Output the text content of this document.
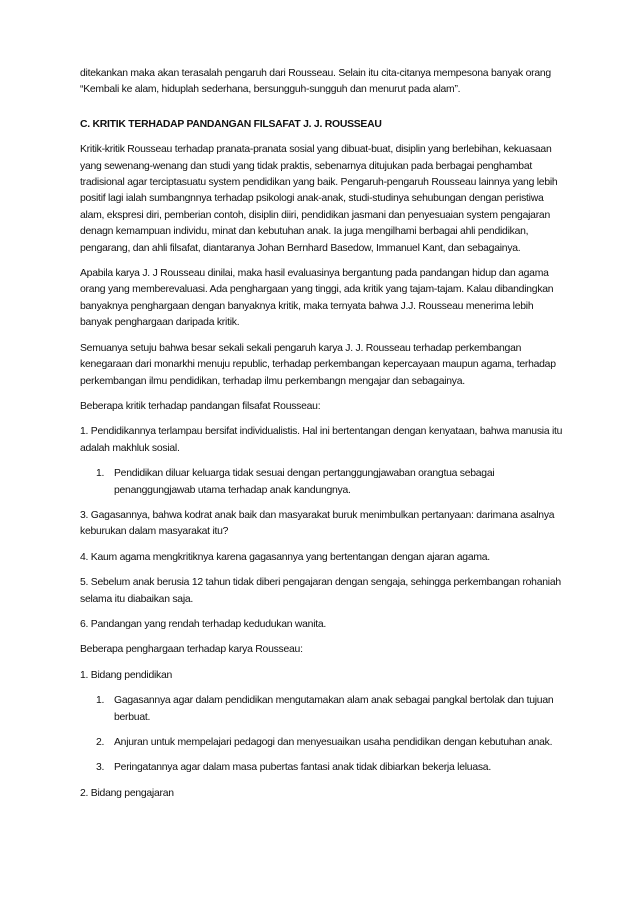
ditekankan maka akan terasalah pengaruh dari Rousseau. Selain itu cita-citanya mempesona banyak orang “Kembali ke alam, hiduplah sederhana, bersungguh-sungguh dan menurut pada alam”.

C. KRITIK TERHADAP PANDANGAN FILSAFAT J. J. ROUSSEAU

Kritik-kritik Rousseau terhadap pranata-pranata sosial yang dibuat-buat, disiplin yang berlebihan, kekuasaan yang sewenang-wenang dan studi yang tidak praktis, sebenarnya ditujukan pada berbagai penghambat tradisional agar terciptasuatu system pendidikan yang baik. Pengaruh-pengaruh Rousseau lainnya yang lebih positif lagi ialah sumbangnnya terhadap psikologi anak-anak, studi-studinya sehubungan dengan peristiwa alam, ekspresi diri, pemberian contoh, disiplin diiri, pendidikan jasmani dan penyesuaian system pengajaran denagn kemampuan individu, minat dan kebutuhan anak. Ia juga mengilhami berbagai ahli pendidikan, pengarang, dan ahli filsafat, diantaranya Johan Bernhard Basedow, Immanuel Kant, dan sebagainya.

Apabila karya J. J Rousseau dinilai, maka hasil evaluasinya bergantung pada pandangan hidup dan agama orang yang memberevaluasi. Ada penghargaan yang tinggi, ada kritik yang tajam-tajam. Kalau dibandingkan banyaknya penghargaan dengan banyaknya kritik, maka ternyata bahwa J.J. Rousseau menerima lebih banyak penghargaan daripada kritik.

Semuanya setuju bahwa besar sekali sekali pengaruh karya J. J. Rousseau terhadap perkembangan kenegaraan dari monarkhi menuju republic, terhadap perkembangan kepercayaan maupun agama, terhadap perkembangan ilmu pendidikan, terhadap ilmu perkembangn mengajar dan sebagainya.

Beberapa kritik terhadap pandangan filsafat Rousseau:

1. Pendidikannya terlampau bersifat individualistis. Hal ini bertentangan dengan kenyataan, bahwa manusia itu adalah makhluk sosial.

1. Pendidikan diluar keluarga tidak sesuai dengan pertanggungjawaban orangtua sebagai penanggungjawab utama terhadap anak kandungnya.

3. Gagasannya, bahwa kodrat anak baik dan masyarakat buruk menimbulkan pertanyaan: darimana asalnya keburukan dalam masyarakat itu?

4. Kaum agama mengkritiknya karena gagasannya yang bertentangan dengan ajaran agama.

5. Sebelum anak berusia 12 tahun tidak diberi pengajaran dengan sengaja, sehingga perkembangan rohaniah selama itu diabaikan saja.

6. Pandangan yang rendah terhadap kedudukan wanita.

Beberapa penghargaan terhadap karya Rousseau:

1. Bidang pendidikan

1. Gagasannya agar dalam pendidikan mengutamakan alam anak sebagai pangkal bertolak dan tujuan berbuat.
2. Anjuran untuk mempelajari pedagogi dan menyesuaikan usaha pendidikan dengan kebutuhan anak.
3. Peringatannya agar dalam masa pubertas fantasi anak tidak dibiarkan bekerja leluasa.

2. Bidang pengajaran
